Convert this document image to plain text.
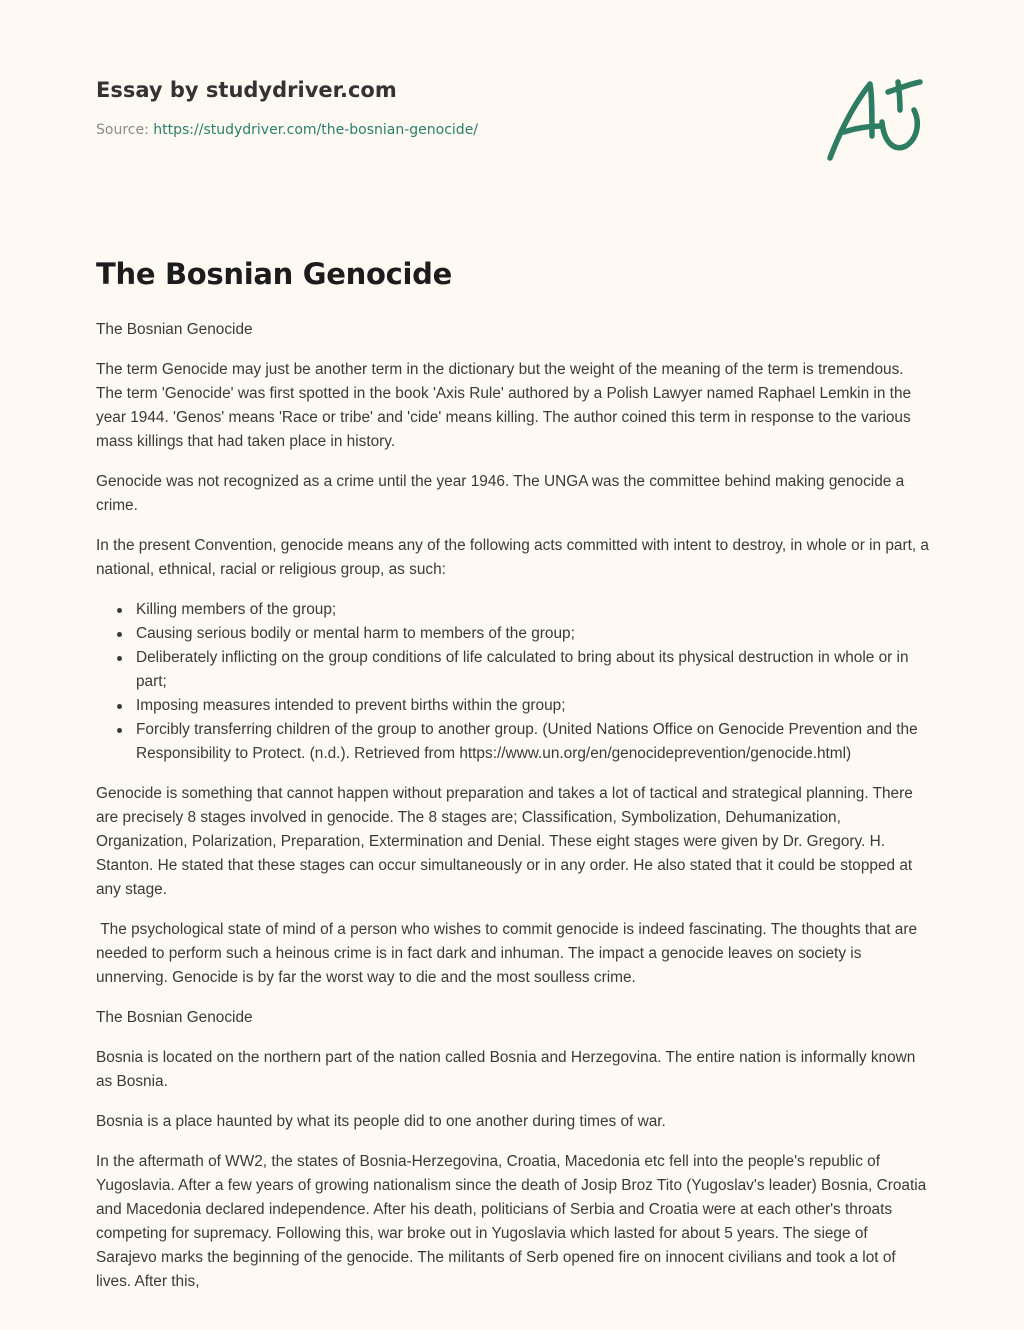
Essay by studydriver.com
Source: https://studydriver.com/the-bosnian-genocide/
The Bosnian Genocide

The Bosnian Genocide

The term Genocide may just be another term in the dictionary but the weight of the meaning of the term is tremendous. The term 'Genocide' was first spotted in the book 'Axis Rule' authored by a Polish Lawyer named Raphael Lemkin in the year 1944. 'Genos' means 'Race or tribe' and 'cide' means killing. The author coined this term in response to the various mass killings that had taken place in history.

Genocide was not recognized as a crime until the year 1946. The UNGA was the committee behind making genocide a crime.

In the present Convention, genocide means any of the following acts committed with intent to destroy, in whole or in part, a national, ethnical, racial or religious group, as such:

Killing members of the group;
Causing serious bodily or mental harm to members of the group;
Deliberately inflicting on the group conditions of life calculated to bring about its physical destruction in whole or in part;
Imposing measures intended to prevent births within the group;
Forcibly transferring children of the group to another group. (United Nations Office on Genocide Prevention and the Responsibility to Protect. (n.d.). Retrieved from https://www.un.org/en/genocideprevention/genocide.html)

Genocide is something that cannot happen without preparation and takes a lot of tactical and strategical planning. There are precisely 8 stages involved in genocide. The 8 stages are; Classification, Symbolization, Dehumanization, Organization, Polarization, Preparation, Extermination and Denial. These eight stages were given by Dr. Gregory. H. Stanton. He stated that these stages can occur simultaneously or in any order. He also stated that it could be stopped at any stage.

The psychological state of mind of a person who wishes to commit genocide is indeed fascinating. The thoughts that are needed to perform such a heinous crime is in fact dark and inhuman. The impact a genocide leaves on society is unnerving. Genocide is by far the worst way to die and the most soulless crime.

The Bosnian Genocide

Bosnia is located on the northern part of the nation called Bosnia and Herzegovina. The entire nation is informally known as Bosnia.

Bosnia is a place haunted by what its people did to one another during times of war.

In the aftermath of WW2, the states of Bosnia-Herzegovina, Croatia, Macedonia etc fell into the people's republic of Yugoslavia. After a few years of growing nationalism since the death of Josip Broz Tito (Yugoslav's leader) Bosnia, Croatia and Macedonia declared independence. After his death, politicians of Serbia and Croatia were at each other's throats competing for supremacy. Following this, war broke out in Yugoslavia which lasted for about 5 years. The siege of Sarajevo marks the beginning of the genocide. The militants of Serb opened fire on innocent civilians and took a lot of lives. After this,
